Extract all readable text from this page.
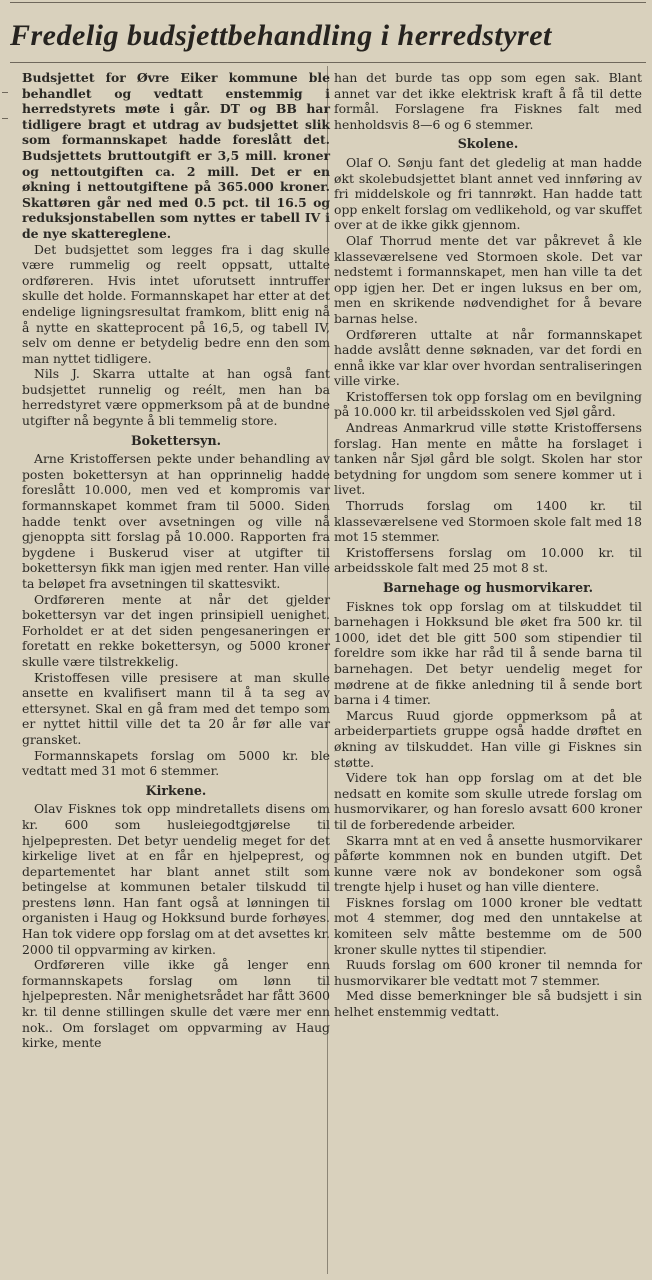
Fredelig budsjettbehandling i herredstyret

Budsjettet for Øvre Eiker kommune ble behandlet og vedtatt enstemmig i herredstyrets møte i går. DT og BB har tidligere bragt et utdrag av budsjettet slik som formannskapet hadde foreslått det. Budsjettets bruttoutgift er 3,5 mill. kroner og nettoutgiften ca. 2 mill. Det er en økning i nettoutgiftene på 365.000 kroner. Skattøren går ned med 0.5 pct. til 16.5 og reduksjonstabellen som nyttes er tabell IV i de nye skattereglene.

Det budsjettet som legges fra i dag skulle være rummelig og reelt oppsatt, uttalte ordføreren. Hvis intet uforutsett inntruffer skulle det holde. Formannskapet har etter at det endelige ligningsresultat framkom, blitt enig nå å nytte en skatteprocent på 16,5, og tabell IV, selv om denne er betydelig bedre enn den som man nyttet tidligere.

Nils J. Skarra uttalte at han også fant budsjettet runnelig og reélt, men han ba herredstyret være oppmerksom på at de bundne utgifter nå begynte å bli temmelig store.

Bokettersyn.

Arne Kristoffersen pekte under behandling av posten bokettersyn at han opprinnelig hadde foreslått 10.000, men ved et kompromis var formannskapet kommet fram til 5000. Siden hadde tenkt over avsetningen og ville nå gjenoppta sitt forslag på 10.000. Rapporten fra bygdene i Buskerud viser at utgifter til bokettersyn fikk man igjen med renter. Han ville ta beløpet fra avsetningen til skattesvikt.

Ordføreren mente at når det gjelder bokettersyn var det ingen prinsipiell uenighet. Forholdet er at det siden pengesaneringen er foretatt en rekke bokettersyn, og 5000 kroner skulle være tilstrekkelig.

Kristoffesen ville presisere at man skulle ansette en kvalifisert mann til å ta seg av ettersynet. Skal en gå fram med det tempo som er nyttet hittil ville det ta 20 år før alle var gransket.

Formannskapets forslag om 5000 kr. ble vedtatt med 31 mot 6 stemmer.

Kirkene.

Olav Fisknes tok opp mindretallets disens om kr. 600 som husleiegodtgjørelse til hjelpepresten. Det betyr uendelig meget for det kirkelige livet at en får en hjelpeprest, og departementet har blant annet stilt som betingelse at kommunen betaler tilskudd til prestens lønn. Han fant også at lønningen til organisten i Haug og Hokksund burde forhøyes. Han tok videre opp forslag om at det avsettes kr. 2000 til oppvarming av kirken.

Ordføreren ville ikke gå lenger enn formannskapets forslag om lønn til hjelpepresten. Når menighetsrådet har fått 3600 kr. til denne stillingen skulle det være mer enn nok.. Om forslaget om oppvarming av Haug kirke, mente

han det burde tas opp som egen sak. Blant annet var det ikke elektrisk kraft å få til dette formål. Forslagene fra Fisknes falt med henholdsvis 8—6 og 6 stemmer.

Skolene.

Olaf O. Sønju fant det gledelig at man hadde økt skolebudsjettet blant annet ved innføring av fri middelskole og fri tannrøkt. Han hadde tatt opp enkelt forslag om vedlikehold, og var skuffet over at de ikke gikk gjennom.

Olaf Thorrud mente det var påkrevet å kle klasseværelsene ved Stormoen skole. Det var nedstemt i formannskapet, men han ville ta det opp igjen her. Det er ingen luksus en ber om, men en skrikende nødvendighet for å bevare barnas helse.

Ordføreren uttalte at når formannskapet hadde avslått denne søknaden, var det fordi en ennå ikke var klar over hvordan sentraliseringen ville virke.

Kristoffersen tok opp forslag om en bevilgning på 10.000 kr. til arbeidsskolen ved Sjøl gård.

Andreas Anmarkrud ville støtte Kristoffersens forslag. Han mente en måtte ha forslaget i tanken når Sjøl gård ble solgt. Skolen har stor betydning for ungdom som senere kommer ut i livet.

Thorruds forslag om 1400 kr. til klasseværelsene ved Stormoen skole falt med 18 mot 15 stemmer.

Kristoffersens forslag om 10.000 kr. til arbeidsskole falt med 25 mot 8 st.

Barnehage og husmorvikarer.

Fisknes tok opp forslag om at tilskuddet til barnehagen i Hokksund ble øket fra 500 kr. til 1000, idet det ble gitt 500 som stipendier til foreldre som ikke har råd til å sende barna til barnehagen. Det betyr uendelig meget for mødrene at de fikke anledning til å sende bort barna i 4 timer.

Marcus Ruud gjorde oppmerksom på at arbeiderpartiets gruppe også hadde drøftet en økning av tilskuddet. Han ville gi Fisknes sin støtte.

Videre tok han opp forslag om at det ble nedsatt en komite som skulle utrede forslag om husmorvikarer, og han foreslo avsatt 600 kroner til de forberedende arbeider.

Skarra mnt at en ved å ansette husmorvikarer påførte kommnen nok en bunden utgift. Det kunne være nok av bondekoner som også trengte hjelp i huset og han ville dientere.

Fisknes forslag om 1000 kroner ble vedtatt mot 4 stemmer, dog med den unntakelse at komiteen selv måtte bestemme om de 500 kroner skulle nyttes til stipendier.

Ruuds forslag om 600 kroner til nemnda for husmorvikarer ble vedtatt mot 7 stemmer.

Med disse bemerkninger ble så budsjett i sin helhet enstemmig vedtatt.
